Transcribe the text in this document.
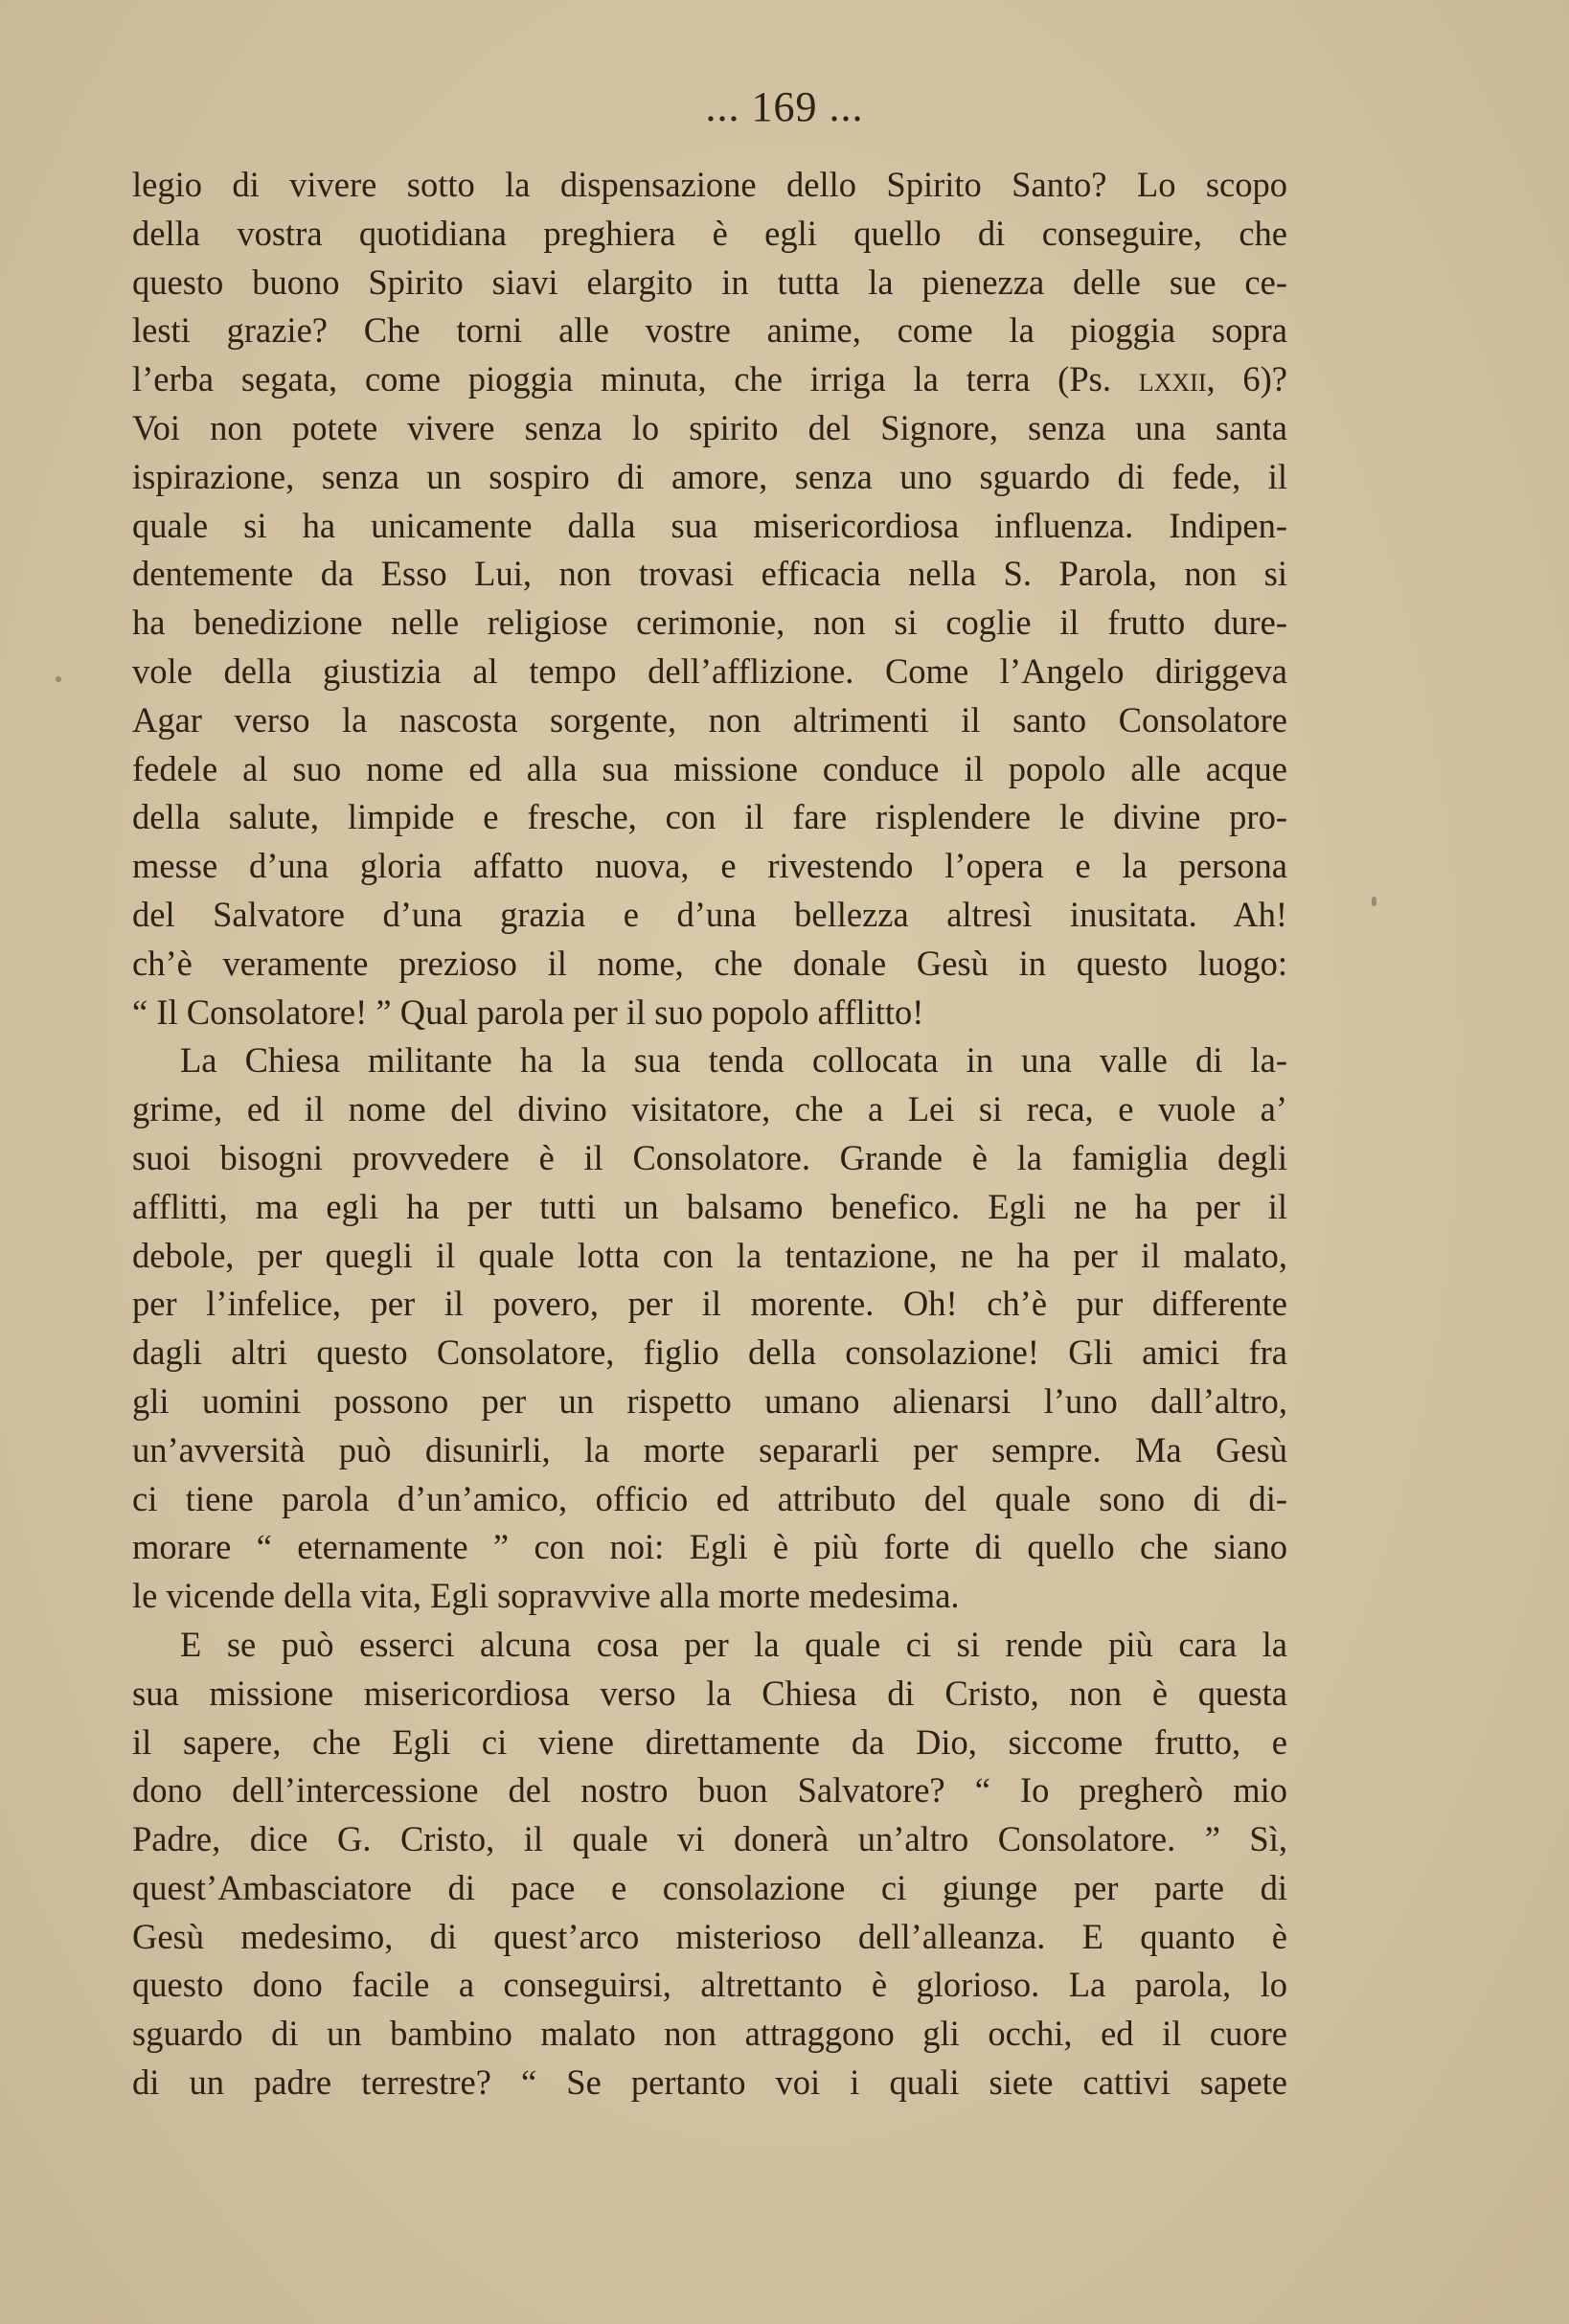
... 169 ...
legio di vivere sotto la dispensazione dello Spirito Santo? Lo scopo
della vostra quotidiana preghiera è egli quello di conseguire, che
questo buono Spirito siavi elargito in tutta la pienezza delle sue ce-
lesti grazie? Che torni alle vostre anime, come la pioggia sopra
l’erba segata, come pioggia minuta, che irriga la terra (Ps. lxxii, 6)?
Voi non potete vivere senza lo spirito del Signore, senza una santa
ispirazione, senza un sospiro di amore, senza uno sguardo di fede, il
quale si ha unicamente dalla sua misericordiosa influenza. Indipen-
dentemente da Esso Lui, non trovasi efficacia nella S. Parola, non si
ha benedizione nelle religiose cerimonie, non si coglie il frutto dure-
vole della giustizia al tempo dell’afflizione. Come l’Angelo diriggeva
Agar verso la nascosta sorgente, non altrimenti il santo Consolatore
fedele al suo nome ed alla sua missione conduce il popolo alle acque
della salute, limpide e fresche, con il fare risplendere le divine pro-
messe d’una gloria affatto nuova, e rivestendo l’opera e la persona
del Salvatore d’una grazia e d’una bellezza altresì inusitata. Ah!
ch’è veramente prezioso il nome, che donale Gesù in questo luogo:
“ Il Consolatore! ” Qual parola per il suo popolo afflitto!
La Chiesa militante ha la sua tenda collocata in una valle di la-
grime, ed il nome del divino visitatore, che a Lei si reca, e vuole a’
suoi bisogni provvedere è il Consolatore. Grande è la famiglia degli
afflitti, ma egli ha per tutti un balsamo benefico. Egli ne ha per il
debole, per quegli il quale lotta con la tentazione, ne ha per il malato,
per l’infelice, per il povero, per il morente. Oh! ch’è pur differente
dagli altri questo Consolatore, figlio della consolazione! Gli amici fra
gli uomini possono per un rispetto umano alienarsi l’uno dall’altro,
un’avversità può disunirli, la morte separarli per sempre. Ma Gesù
ci tiene parola d’un’amico, officio ed attributo del quale sono di di-
morare “ eternamente ” con noi: Egli è più forte di quello che siano
le vicende della vita, Egli sopravvive alla morte medesima.
E se può esserci alcuna cosa per la quale ci si rende più cara la
sua missione misericordiosa verso la Chiesa di Cristo, non è questa
il sapere, che Egli ci viene direttamente da Dio, siccome frutto, e
dono dell’intercessione del nostro buon Salvatore? “ Io pregherò mio
Padre, dice G. Cristo, il quale vi donerà un’altro Consolatore. ” Sì,
quest’Ambasciatore di pace e consolazione ci giunge per parte di
Gesù medesimo, di quest’arco misterioso dell’alleanza. E quanto è
questo dono facile a conseguirsi, altrettanto è glorioso. La parola, lo
sguardo di un bambino malato non attraggono gli occhi, ed il cuore
di un padre terrestre? “ Se pertanto voi i quali siete cattivi sapete
